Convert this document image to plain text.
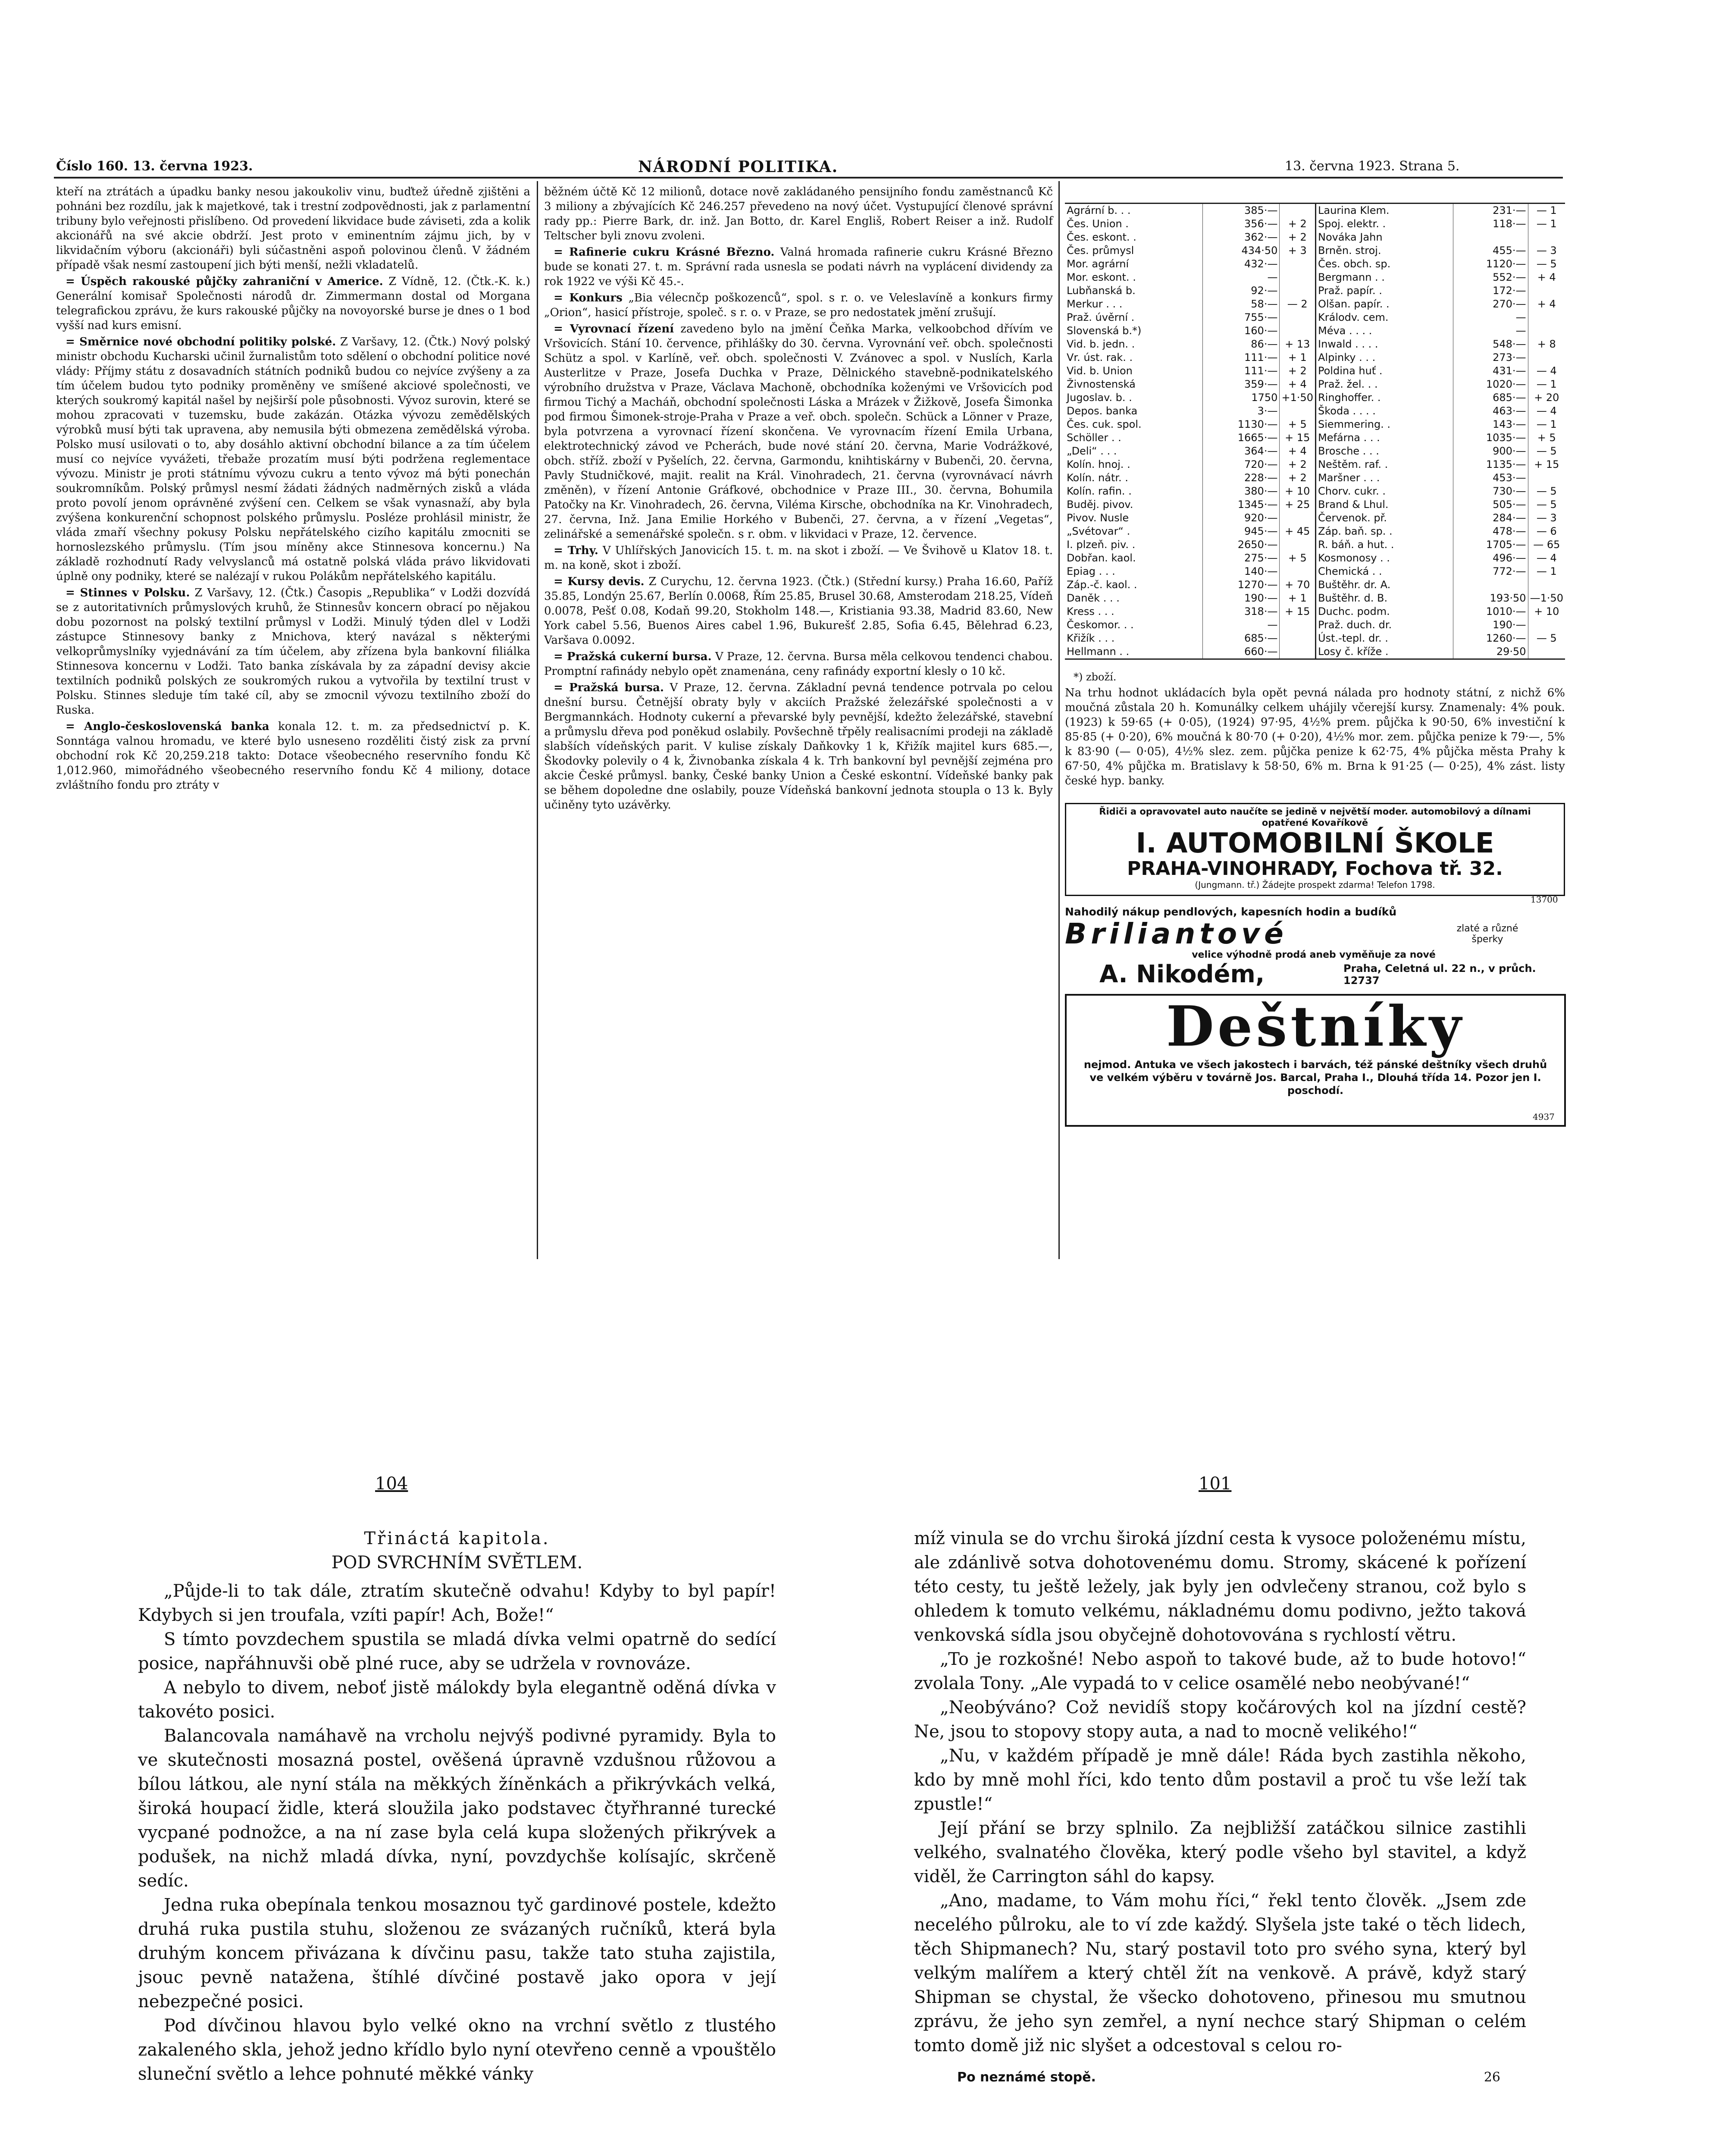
Číslo 160. 13. června 1923.	NÁRODNÍ POLITIKA.	13. června 1923. Strana 5.

kteří na ztrátách a úpadku banky nesou jakoukoliv vinu, buďtež úředně zjištěni a pohnáni bez rozdílu, jak k majetkové, tak i trestní zodpovědnosti, jak z parlamentní tribuny bylo veřejnosti přislíbeno. Od provedení likvidace bude záviseti, zda a kolik akcionářů na své akcie obdrží. Jest proto v eminentním zájmu jich, by v likvidačním výboru (akcionáři) byli súčastněni aspoň polovinou členů. V žádném případě však nesmí zastoupení jich býti menší, nežli vkladatelů.

= Úspěch rakouské půjčky zahraniční v Americe. Z Vídně, 12. (Čtk.-K. k.) Generální komisař Společnosti národů dr. Zimmermann dostal od Morgana telegrafickou zprávu, že kurs rakouské půjčky na novoyorské burse je dnes o 1 bod vyšší nad kurs emisní.

= Směrnice nové obchodní politiky polské. Z Varšavy, 12. (Čtk.) Nový polský ministr obchodu Kucharski učinil žurnalistům toto sdělení o obchodní politice nové vlády: Příjmy státu z dosavadních státních podniků budou co nejvíce zvýšeny a za tím účelem budou tyto podniky proměněny ve smíšené akciové společnosti, ve kterých soukromý kapitál našel by nejširší pole působnosti. Vývoz surovin, které se mohou zpracovati v tuzemsku, bude zakázán. Otázka vývozu zemědělských výrobků musí býti tak upravena, aby nemusila býti obmezena zemědělská výroba. Polsko musí usilovati o to, aby dosáhlo aktivní obchodní bilance a za tím účelem musí co nejvíce vyvážeti, třebaže prozatím musí býti podržena reglementace vývozu. Ministr je proti státnímu vývozu cukru a tento vývoz má býti ponechán soukromníkům. Polský průmysl nesmí žádati žádných nadměrných zisků a vláda proto povolí jenom oprávněné zvýšení cen. Celkem se však vynasnaží, aby byla zvýšena konkurenční schopnost polského průmyslu. Posléze prohlásil ministr, že vláda zmaří všechny pokusy Polsku nepřátelského cizího kapitálu zmocniti se hornoslezského průmyslu. (Tím jsou míněny akce Stinnesova koncernu.) Na základě rozhodnutí Rady velvyslanců má ostatně polská vláda právo likvidovati úplně ony podniky, které se nalézají v rukou Polákům nepřátelského kapitálu.

= Stinnes v Polsku. Z Varšavy, 12. (Čtk.) Časopis „Republika“ v Lodži dozvídá se z autoritativních průmyslových kruhů, že Stinnesův koncern obrací po nějakou dobu pozornost na polský textilní průmysl v Lodži. Minulý týden dlel v Lodži zástupce Stinnesovy banky z Mnichova, který navázal s některými velkoprůmyslníky vyjednávání za tím účelem, aby zřízena byla bankovní filiálka Stinnesova koncernu v Lodži. Tato banka získávala by za západní devisy akcie textilních podniků polských ze soukromých rukou a vytvořila by textilní trust v Polsku. Stinnes sleduje tím také cíl, aby se zmocnil vývozu textilního zboží do Ruska.

= Anglo-československá banka konala 12. t. m. za předsednictví p. K. Sonntága valnou hromadu, ve které bylo usneseno rozděliti čistý zisk za první obchodní rok Kč 20,259.218 takto: Dotace všeobecného reservního fondu Kč 1,012.960, mimořádného všeobecného reservního fondu Kč 4 miliony, dotace zvláštního fondu pro ztráty v

běžném účtě Kč 12 milionů, dotace nově zakládaného pensijního fondu zaměstnanců Kč 3 miliony a zbývajících Kč 246.257 převedeno na nový účet. Vystupující členové správní rady pp.: Pierre Bark, dr. inž. Jan Botto, dr. Karel Engliš, Robert Reiser a inž. Rudolf Teltscher byli znovu zvoleni.

= Rafinerie cukru Krásné Březno. Valná hromada rafinerie cukru Krásné Březno bude se konati 27. t. m. Správní rada usnesla se podati návrh na vyplácení dividendy za rok 1922 ve výši Kč 45.-.

= Konkurs „Bia vélecnčp poškozenců“, spol. s r. o. ve Veleslavíně a konkurs firmy „Orion“, hasicí přístroje, společ. s r. o. v Praze, se pro nedostatek jmění zrušují.

= Vyrovnací řízení zavedeno bylo na jmění Čeňka Marka, velkoobchod dřívím ve Vršovicích. Stání 10. července, přihlášky do 30. června. Vyrovnání veř. obch. společnosti Schütz a spol. v Karlíně, veř. obch. společnosti V. Zvánovec a spol. v Nuslích, Karla Austerlitze v Praze, Josefa Duchka v Praze, Dělnického stavebně-podnikatelského výrobního družstva v Praze, Václava Machoně, obchodníka koženými ve Vršovicích pod firmou Tichý a Macháň, obchodní společnosti Láska a Mrázek v Žižkově, Josefa Šimonka pod firmou Šimonek-stroje-Praha v Praze a veř. obch. společn. Schück a Lönner v Praze, byla potvrzena a vyrovnací řízení skončena. Ve vyrovnacím řízení Emila Urbana, elektrotechnický závod ve Pcherách, bude nové stání 20. června, Marie Vodrážkové, obch. stříž. zboží v Pyšelích, 22. června, Garmondu, knihtiskárny v Bubenči, 20. června, Pavly Studničkové, majit. realit na Král. Vinohradech, 21. června (vyrovnávací návrh změněn), v řízení Antonie Gráfkové, obchodnice v Praze III., 30. června, Bohumila Patočky na Kr. Vinohradech, 26. června, Viléma Kirsche, obchodníka na Kr. Vinohradech, 27. června, Inž. Jana Emilie Horkého v Bubenči, 27. června, a v řízení „Vegetas“, zelinářské a semenářské společn. s r. obm. v likvidaci v Praze, 12. července.

= Trhy. V Uhlířských Janovicích 15. t. m. na skot i zboží. — Ve Švihově u Klatov 18. t. m. na koně, skot i zboží.

= Kursy devis. Z Curychu, 12. června 1923. (Čtk.) (Střední kursy.) Praha 16.60, Paříž 35.85, Londýn 25.67, Berlín 0.0068, Řím 25.85, Brusel 30.68, Amsterodam 218.25, Vídeň 0.0078, Pešť 0.08, Kodaň 99.20, Stokholm 148.—, Kristiania 93.38, Madrid 83.60, New York cabel 5.56, Buenos Aires cabel 1.96, Bukurešť 2.85, Sofia 6.45, Bělehrad 6.23, Varšava 0.0092.

= Pražská cukerní bursa. V Praze, 12. června. Bursa měla celkovou tendenci chabou. Promptní rafinády nebylo opět znamenána, ceny rafinády exportní klesly o 10 kč.

= Pražská bursa. V Praze, 12. června. Základní pevná tendence potrvala po celou dnešní bursu. Četnější obraty byly v akciích Pražské železářské společnosti a v Bergmannkách. Hodnoty cukerní a převarské byly pevnější, kdežto železářské, stavební a průmyslu dřeva pod poněkud oslabily. Povšechně třpěly realisacními prodeji na základě slabších vídeňských parit. V kulise získaly Daňkovky 1 k, Křižík majitel kurs 685.—, Škodovky polevily o 4 k, Živnobanka získala 4 k. Trh bankovní byl pevnější zejména pro akcie České průmysl. banky, České banky Union a České eskontní. Vídeňské banky pak se během dopoledne dne oslabily, pouze Vídeňská bankovní jednota stoupla o 13 k. Byly učiněny tyto uzávěrky.

Agrární b. . .	385·—	
Čes. Union .	356·—	+ 2
Čes. eskont. .	362·—	+ 2
Čes. průmysl	434·50	+ 3
Mor. agrární	432·—	
Mor. eskont. .	—	
Lubňanská b.	92·—	
Merkur . . .	58·—	— 2
Praž. úvěrní .	755·—	
Slovenská b.*)	160·—	
Vid. b. jedn. .	86·—	+ 13
Vr. úst. rak. .	111·—	+ 1
Vid. b. Union	111·—	+ 2
Živnostenská	359·—	+ 4
Jugoslav. b. .	1750	+1·50
Depos. banka	3·—	
Čes. cuk. spol.	1130·—	+ 5
Schöller . .	1665·—	+ 15
„Deli“ . . .	364·—	+ 4
Kolín. hnoj. .	720·—	+ 2
Kolín. nátr. .	228·—	+ 2
Kolín. rafin. .	380·—	+ 10
Buděj. pivov.	1345·—	+ 25
Pivov. Nusle	920·—	
„Svétovar“ .	945·—	+ 45
I. plzeň. piv. .	2650·—	
Dobřan. kaol.	275·—	+ 5
Epiag . . .	140·—	
Záp.-č. kaol. .	1270·—	+ 70
Daněk . . .	190·—	+ 1
Kress . . .	318·—	+ 15
Českomor. . .	—	
Křižík . . .	685·—	
Hellmann . .	660·—	
Laurina Klem.	231·—	— 1
Spoj. elektr. .	118·—	— 1
Nováka Jahn		
Brněn. stroj.	455·—	— 3
Čes. obch. sp.	1120·—	— 5
Bergmann . .	552·—	+ 4
Praž. papír. .	172·—	
Olšan. papír. .	270·—	+ 4
Králodv. cem.	—	
Méva . . . .	—	
Inwald . . . .	548·—	+ 8
Alpinky . . .	273·—	
Poldina huť .	431·—	— 4
Praž. žel. . .	1020·—	— 1
Ringhoffer. .	685·—	+ 20
Škoda . . . .	463·—	— 4
Siemmering. .	143·—	— 1
Mefárna . . .	1035·—	+ 5
Brosche . . .	900·—	— 5
Neštěm. raf. .	1135·—	+ 15
Maršner . . .	453·—	
Chorv. cukr. .	730·—	— 5
Brand & Lhul.	505·—	— 5
Červenok. př.	284·—	— 3
Záp. baň. sp. .	478·—	— 6
R. báň. a hut. .	1705·—	— 65
Kosmonosy . .	496·—	— 4
Chemická . .	772·—	— 1
Buštěhr. dr. A.		
Buštěhr. d. B.	193·50	—1·50
Duchc. podm.	1010·—	+ 10
Praž. duch. dr.	190·—	
Úst.-tepl. dr. .	1260·—	— 5
Losy č. kříže .	29·50	
*) zboží.
Na trhu hodnot ukládacích byla opět pevná nálada pro hodnoty státní, z nichž 6% moučná zůstala 20 h. Komunálky celkem uhájily včerejší kursy. Znamenaly: 4% pouk. (1923) k 59·65 (+ 0·05), (1924) 97·95, 4½% prem. půjčka k 90·50, 6% investiční k 85·85 (+ 0·20), 6% moučná k 80·70 (+ 0·20), 4½% mor. zem. půjčka penize k 79·—, 5% k 83·90 (— 0·05), 4½% slez. zem. půjčka penize k 62·75, 4% půjčka města Prahy k 67·50, 4% půjčka m. Bratislavy k 58·50, 6% m. Brna k 91·25 (— 0·25), 4% zást. listy české hyp. banky.
Řidiči a opravovatel auto naučíte se jedině v největší moder. automobilový a dílnami opatřené Kovaříkově
I. AUTOMOBILNÍ ŠKOLE
PRAHA-VINOHRADY, Fochova tř. 32.
(Jungmann. tř.) Žádejte prospekt zdarma! Telefon 1798.
13700
Nahodilý nákup pendlových, kapesních hodin a budíků
Briliantové	zlaté a různé šperky
velice výhodně prodá aneb vyměňuje za nové
A. Nikodém,	Praha, Celetná ul. 22 n., v průch. 12737
Deštníky
nejmod. Antuka ve všech jakostech i barvách, též pánské deštníky všech druhů ve velkém výběru v továrně Jos. Barcal, Praha I., Dlouhá třída 14. Pozor jen I. poschodí.
4937
104	101
Třináctá kapitola.
POD SVRCHNÍM SVĚTLEM.

„Půjde-li to tak dále, ztratím skutečně odvahu! Kdyby to byl papír! Kdybych si jen troufala, vzíti papír! Ach, Bože!“

S tímto povzdechem spustila se mladá dívka velmi opatrně do sedící posice, napřáhnuvši obě plné ruce, aby se udržela v rovnováze.

A nebylo to divem, neboť jistě málokdy byla elegantně oděná dívka v takovéto posici.

Balancovala namáhavě na vrcholu nejvýš podivné pyramidy. Byla to ve skutečnosti mosazná postel, ověšená úpravně vzdušnou růžovou a bílou látkou, ale nyní stála na měkkých žíněnkách a přikrývkách velká, široká houpací židle, která sloužila jako podstavec čtyřhranné turecké vycpané podnožce, a na ní zase byla celá kupa složených přikrývek a podušek, na nichž mladá dívka, nyní, povzdychše kolísajíc, skrčeně sedíc.

Jedna ruka obepínala tenkou mosaznou tyč gardinové postele, kdežto druhá ruka pustila stuhu, složenou ze svázaných ručníků, která byla druhým koncem přivázana k dívčinu pasu, takže tato stuha zajistila, jsouc pevně natažena, štíhlé dívčiné postavě jako opora v její nebezpečné posici.

Pod dívčinou hlavou bylo velké okno na vrchní světlo z tlustého zakaleného skla, jehož jedno křídlo bylo nyní otevřeno cenně a vpouštělo sluneční světlo a lehce pohnuté měkké vánky

míž vinula se do vrchu široká jízdní cesta k vysoce položenému místu, ale zdánlivě sotva dohotovenému domu. Stromy, skácené k pořízení této cesty, tu ještě ležely, jak byly jen odvlečeny stranou, což bylo s ohledem k tomuto velkému, nákladnému domu podivno, ježto taková venkovská sídla jsou obyčejně dohotovována s rychlostí větru.

„To je rozkošné! Nebo aspoň to takové bude, až to bude hotovo!“ zvolala Tony. „Ale vypadá to v celice osamělé nebo neobývané!“

„Neobýváno? Což nevidíš stopy kočárových kol na jízdní cestě? Ne, jsou to stopovy stopy auta, a nad to mocně velikého!“

„Nu, v každém případě je mně dále! Ráda bych zastihla někoho, kdo by mně mohl říci, kdo tento dům postavil a proč tu vše leží tak zpustle!“

Její přání se brzy splnilo. Za nejbližší zatáčkou silnice zastihli velkého, svalnatého člověka, který podle všeho byl stavitel, a když viděl, že Carrington sáhl do kapsy.

„Ano, madame, to Vám mohu říci,“ řekl tento člověk. „Jsem zde necelého půlroku, ale to ví zde každý. Slyšela jste také o těch lidech, těch Shipmanech? Nu, starý postavil toto pro svého syna, který byl velkým malířem a který chtěl žít na venkově. A právě, když starý Shipman se chystal, že všecko dohotoveno, přinesou mu smutnou zprávu, že jeho syn zemřel, a nyní nechce starý Shipman o celém tomto domě již nic slyšet a odcestoval s celou ro-

Po neznámé stopě.	26
